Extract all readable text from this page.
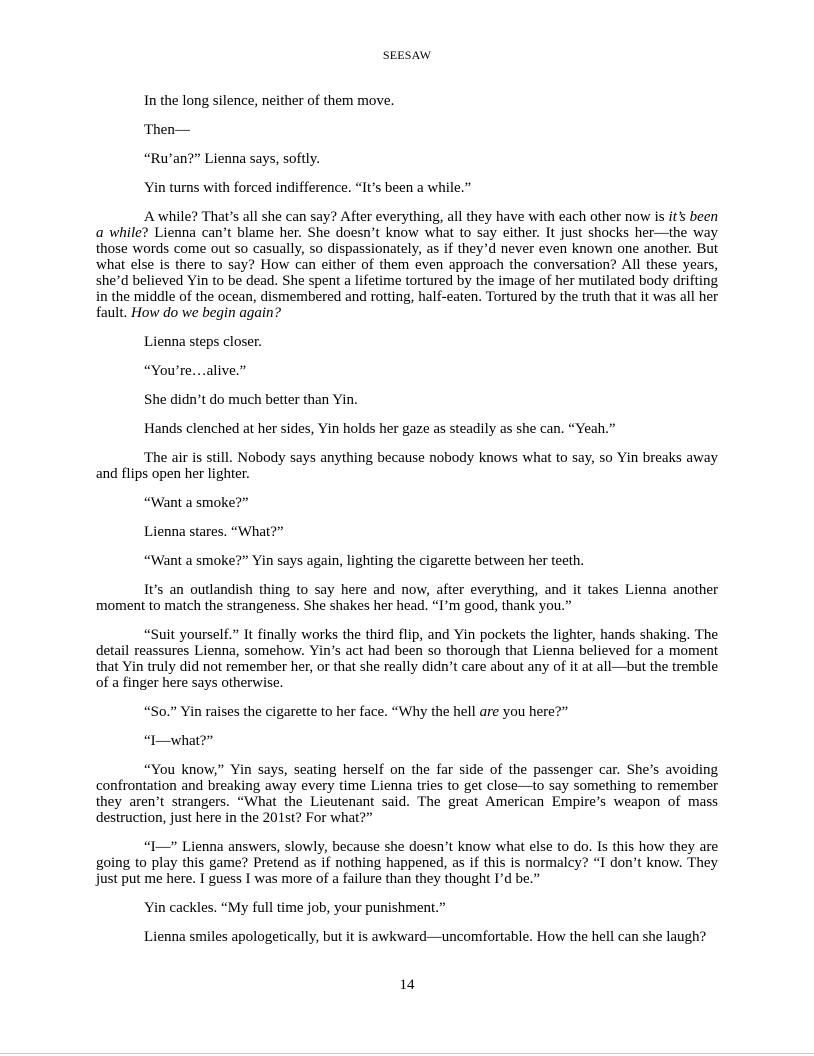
SEESAW

In the long silence, neither of them move.

Then—

“Ru’an?” Lienna says, softly.

Yin turns with forced indifference. “It’s been a while.”

A while? That’s all she can say? After everything, all they have with each other now is it’s been a while? Lienna can’t blame her. She doesn’t know what to say either. It just shocks her—the way those words come out so casually, so dispassionately, as if they’d never even known one another. But what else is there to say? How can either of them even approach the conversation? All these years, she’d believed Yin to be dead. She spent a lifetime tortured by the image of her mutilated body drifting in the middle of the ocean, dismembered and rotting, half-eaten. Tortured by the truth that it was all her fault. How do we begin again?

Lienna steps closer.

“You’re…alive.”

She didn’t do much better than Yin.

Hands clenched at her sides, Yin holds her gaze as steadily as she can. “Yeah.”

The air is still. Nobody says anything because nobody knows what to say, so Yin breaks away and flips open her lighter.

“Want a smoke?”

Lienna stares. “What?”

“Want a smoke?” Yin says again, lighting the cigarette between her teeth.

It’s an outlandish thing to say here and now, after everything, and it takes Lienna another moment to match the strangeness. She shakes her head. “I’m good, thank you.”

“Suit yourself.” It finally works the third flip, and Yin pockets the lighter, hands shaking. The detail reassures Lienna, somehow. Yin’s act had been so thorough that Lienna believed for a moment that Yin truly did not remember her, or that she really didn’t care about any of it at all—but the tremble of a finger here says otherwise.

“So.” Yin raises the cigarette to her face. “Why the hell are you here?”

“I—what?”

“You know,” Yin says, seating herself on the far side of the passenger car. She’s avoiding confrontation and breaking away every time Lienna tries to get close—to say something to remember they aren’t strangers. “What the Lieutenant said. The great American Empire’s weapon of mass destruction, just here in the 201st? For what?”

“I—” Lienna answers, slowly, because she doesn’t know what else to do. Is this how they are going to play this game? Pretend as if nothing happened, as if this is normalcy? “I don’t know. They just put me here. I guess I was more of a failure than they thought I’d be.”

Yin cackles. “My full time job, your punishment.”

Lienna smiles apologetically, but it is awkward—uncomfortable. How the hell can she laugh?

14
